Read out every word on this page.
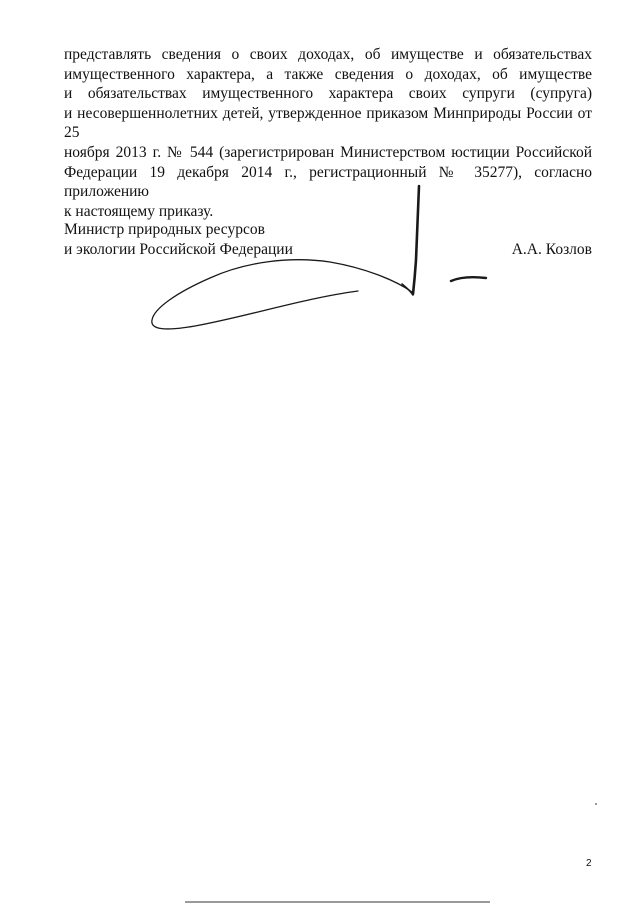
представлять сведения о своих доходах, об имуществе и обязательствах
имущественного характера, а также сведения о доходах, об имуществе
и обязательствах имущественного характера своих супруги (супруга)
и несовершеннолетних детей, утвержденное приказом Минприроды России от 25
ноября 2013 г. № 544 (зарегистрирован Министерством юстиции Российской
Федерации 19 декабря 2014 г., регистрационный № 35277), согласно приложению
к настоящему приказу.
Министр природных ресурсов
и экологии Российской Федерации	А.А. Козлов
2
